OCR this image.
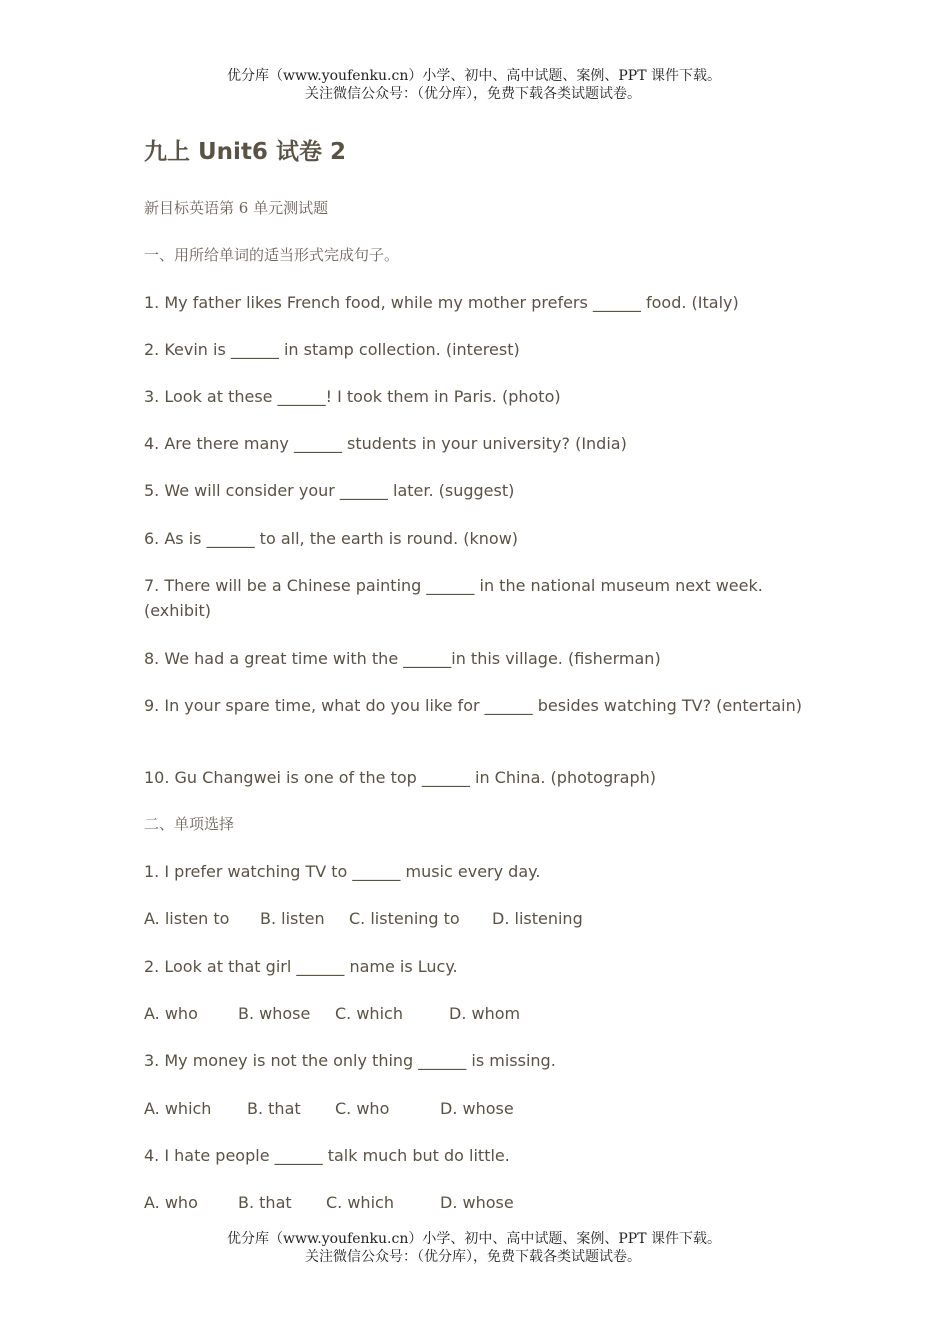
优分库（www.youfenku.cn）小学、初中、高中试题、案例、PPT 课件下载。
关注微信公众号：（优分库），免费下载各类试题试卷。
九上 Unit6 试卷 2
新目标英语第 6 单元测试题
一、用所给单词的适当形式完成句子。
1. My father likes French food, while my mother prefers ______ food. (Italy)
2. Kevin is ______ in stamp collection. (interest)
3. Look at these ______! I took them in Paris. (photo)
4. Are there many ______ students in your university? (India)
5. We will consider your ______ later. (suggest)
6. As is ______ to all, the earth is round. (know)
7. There will be a Chinese painting ______ in the national museum next week. (exhibit)
8. We had a great time with the ______in this village. (fisherman)
9. In your spare time, what do you like for ______ besides watching TV? (entertain)
10. Gu Changwei is one of the top ______ in China. (photograph)
二、单项选择
1. I prefer watching TV to ______ music every day.
A. listen to B. listen C. listening to D. listening
2. Look at that girl ______ name is Lucy.
A. who	B. whose C. which	D. whom
3. My money is not the only thing ______ is missing.
A. which B. that C. who	D. whose
4. I hate people ______ talk much but do little.
A. who	B. that C. which	D. whose
优分库（www.youfenku.cn）小学、初中、高中试题、案例、PPT 课件下载。
关注微信公众号：（优分库），免费下载各类试题试卷。
